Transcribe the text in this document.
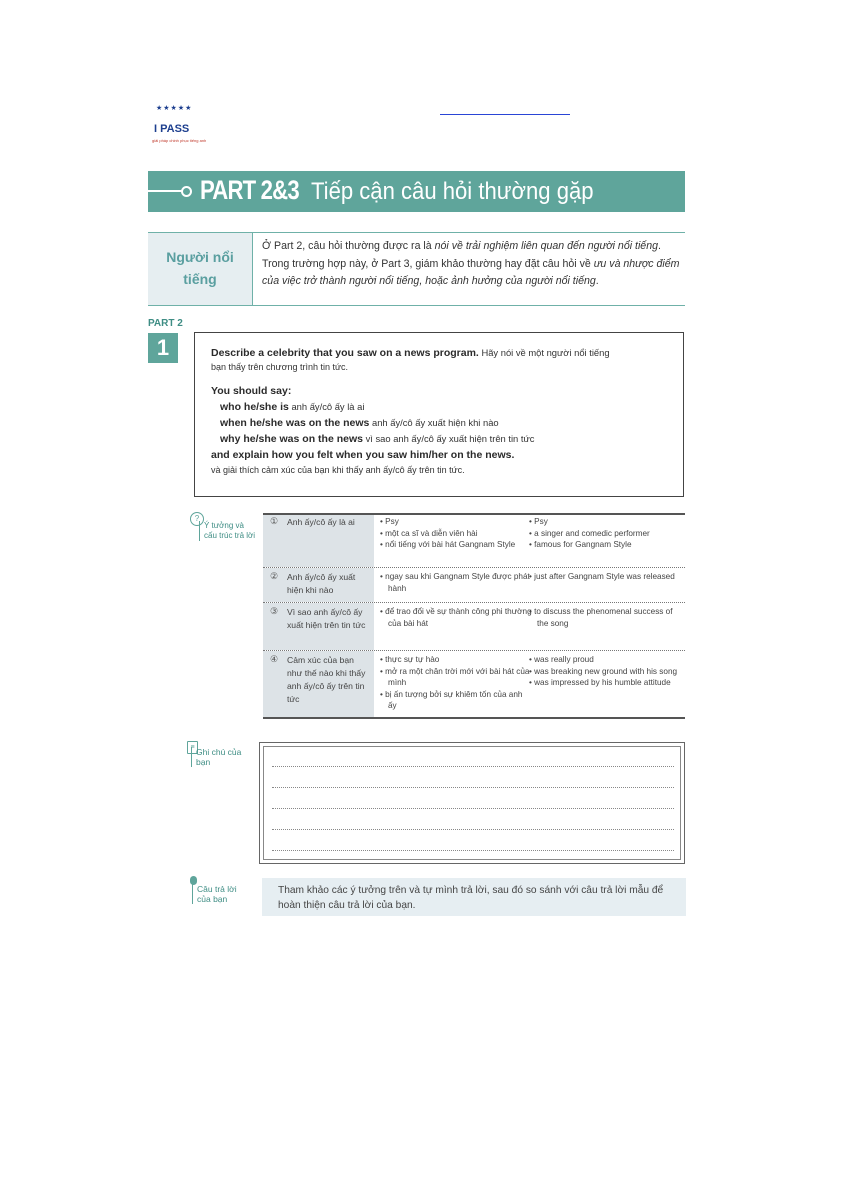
★★★★★
I PASS
giải pháp chinh phục tiếng anh
PART 2&3 Tiếp cận câu hỏi thường gặp
Người nổi
tiếng
Ở Part 2, câu hỏi thường được ra là nói về trải nghiệm liên quan đến người nổi tiếng. Trong trường hợp này, ở Part 3, giám khảo thường hay đặt câu hỏi về ưu và nhược điểm của việc trở thành người nổi tiếng, hoặc ảnh hưởng của người nổi tiếng.
PART 2
1	Describe a celebrity that you saw on a news program. Hãy nói về một người nổi tiếng
bạn thấy trên chương trình tin tức.
You should say:
who he/she is anh ấy/cô ấy là ai
when he/she was on the news anh ấy/cô ấy xuất hiện khi nào
why he/she was on the news vì sao anh ấy/cô ấy xuất hiện trên tin tức
and explain how you felt when you saw him/her on the news.
và giải thích cảm xúc của bạn khi thấy anh ấy/cô ấy trên tin tức.
?
Ý tưởng và cấu trúc trả lời
① Anh ấy/cô ấy là ai	• Psy
• một ca sĩ và diễn viên hài
• nổi tiếng với bài hát Gangnam Style
• Psy
• a singer and comedic performer
• famous for Gangnam Style
② Anh ấy/cô ấy xuất hiện khi nào
• ngay sau khi Gangnam Style được phát hành
• just after Gangnam Style was released
③ Vì sao anh ấy/cô ấy xuất hiện trên tin tức
• để trao đổi về sự thành công phi thường của bài hát
• to discuss the phenomenal success of the song
④ Cảm xúc của bạn như thế nào khi thấy anh ấy/cô ấy trên tin tức
• thực sự tự hào
• mở ra một chân trời mới với bài hát của mình
• bị ấn tượng bởi sự khiêm tốn của anh ấy
• was really proud
• was breaking new ground with his song
• was impressed by his humble attitude
≡ Ghi chú của bạn
Câu trả lời của bạn
Tham khảo các ý tưởng trên và tự mình trả lời, sau đó so sánh với câu trả lời mẫu để hoàn thiện câu trả lời của bạn.
